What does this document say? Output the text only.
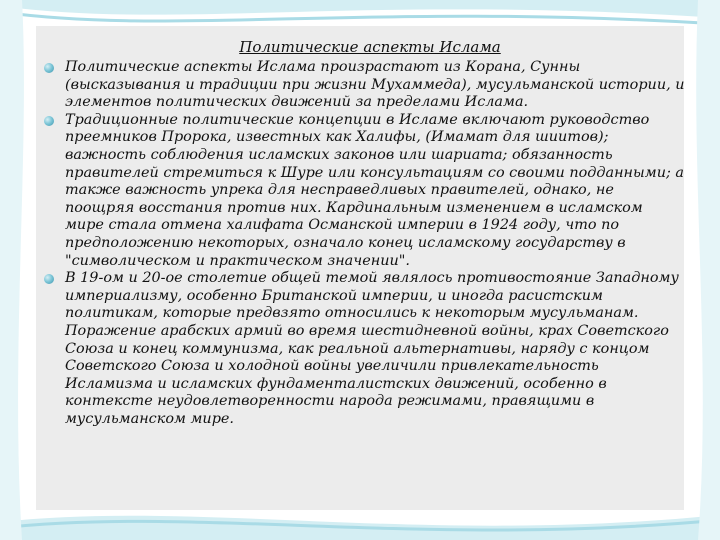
Политические аспекты Ислама
Политические аспекты Ислама произрастают из Корана, Сунны (высказывания и традиции при жизни Мухаммеда), мусульманской истории, и элементов политических движений за пределами Ислама.
Традиционные политические концепции в Исламе включают руководство преемников Пророка, известных как Халифы, (Имамат для шиитов); важность соблюдения исламских законов или шариата; обязанность правителей стремиться к Шуре или консультациям со своими подданными; а также важность упрека для несправедливых правителей, однако, не поощряя восстания против них. Кардинальным изменением в исламском мире стала отмена халифата Османской империи в 1924 году, что по предположению некоторых, означало конец исламскому государству в "символическом и практическом значении".
В 19-ом и 20-ое столетие общей темой являлось противостояние Западному империализму, особенно Британской империи, и иногда расистским политикам, которые предвзято относились к некоторым мусульманам. Поражение арабских армий во время шестидневной войны, крах Советского Союза и конец коммунизма, как реальной альтернативы, наряду с концом Советского Союза и холодной войны увеличили привлекательность Исламизма и исламских фундаменталистских движений, особенно в контексте неудовлетворенности народа режимами, правящими в мусульманском мире.
